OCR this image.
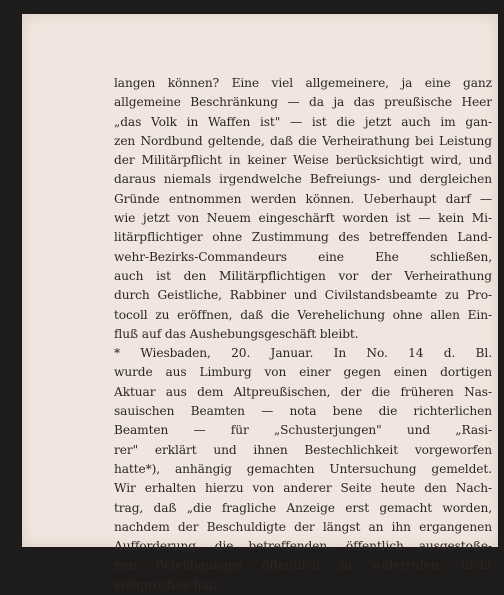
langen können? Eine viel allgemeinere, ja eine ganz
allgemeine Beschränkung — da ja das preußische Heer
„das Volk in Waffen ist" — ist die jetzt auch im gan-
zen Nordbund geltende, daß die Verheirathung bei Leistung
der Militärpflicht in keiner Weise berücksichtigt wird, und
daraus niemals irgendwelche Befreiungs- und dergleichen
Gründe entnommen werden können. Ueberhaupt darf —
wie jetzt von Neuem eingeschärft worden ist — kein Mi-
litärpflichtiger ohne Zustimmung des betreffenden Land-
wehr-Bezirks-Commandeurs eine Ehe schließen,
auch ist den Militärpflichtigen vor der Verheirathung
durch Geistliche, Rabbiner und Civilstandsbeamte zu Pro-
tocoll zu eröffnen, daß die Verehelichung ohne allen Ein-
fluß auf das Aushebungsgeschäft bleibt.
* Wiesbaden, 20. Januar. In No. 14 d. Bl.
wurde aus Limburg von einer gegen einen dortigen
Aktuar aus dem Altpreußischen, der die früheren Nas-
sauischen Beamten — nota bene die richterlichen
Beamten — für „Schusterjungen" und „Rasi-
rer" erklärt und ihnen Bestechlichkeit vorgeworfen
hatte*), anhängig gemachten Untersuchung gemeldet.
Wir erhalten hierzu von anderer Seite heute den Nach-
trag, daß „die fragliche Anzeige erst gemacht worden,
nachdem der Beschuldigte der längst an ihn ergangenen
Aufforderung, die betreffenden, öffentlich ausgestoße-
nen Beleidigungen öffentlich zu widerrufen, nicht
entsprochen hat.
